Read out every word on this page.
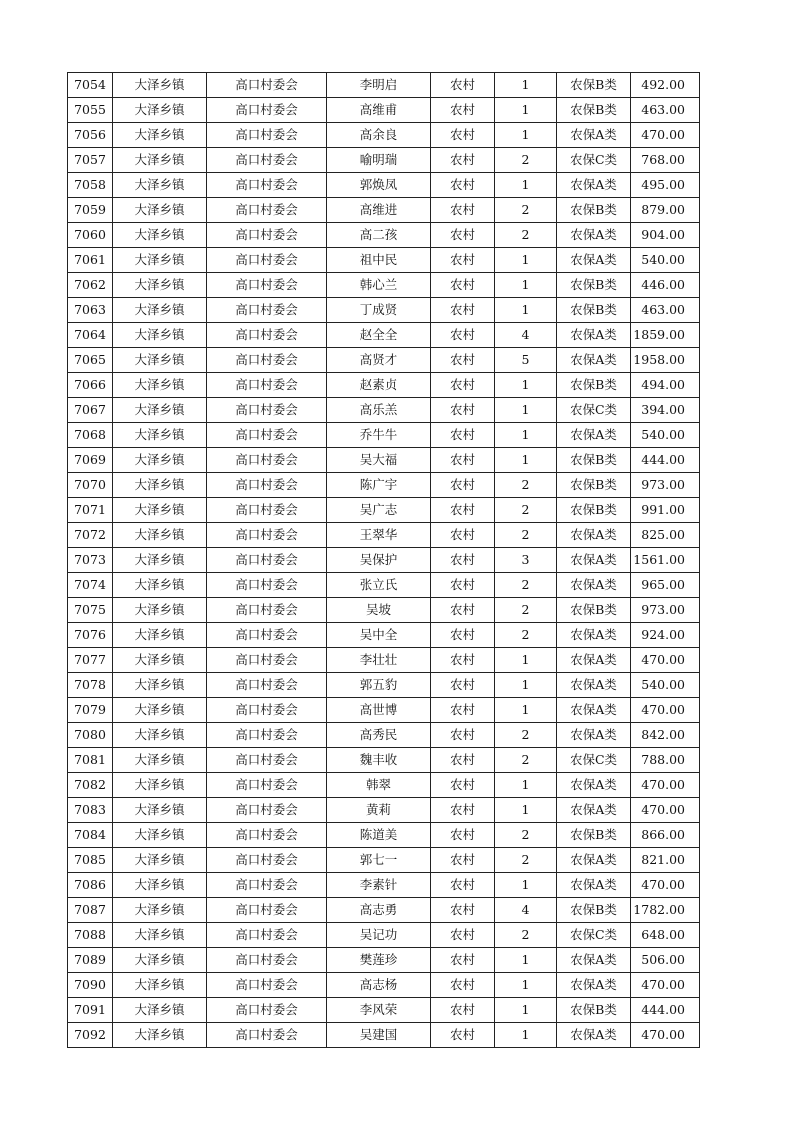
7054	大泽乡镇	高口村委会	李明启	农村	1	农保B类	492.00
7055	大泽乡镇	高口村委会	高维甫	农村	1	农保B类	463.00
7056	大泽乡镇	高口村委会	高余良	农村	1	农保A类	470.00
7057	大泽乡镇	高口村委会	喻明瑞	农村	2	农保C类	768.00
7058	大泽乡镇	高口村委会	郭焕凤	农村	1	农保A类	495.00
7059	大泽乡镇	高口村委会	高维进	农村	2	农保B类	879.00
7060	大泽乡镇	高口村委会	高二孩	农村	2	农保A类	904.00
7061	大泽乡镇	高口村委会	祖中民	农村	1	农保A类	540.00
7062	大泽乡镇	高口村委会	韩心兰	农村	1	农保B类	446.00
7063	大泽乡镇	高口村委会	丁成贤	农村	1	农保B类	463.00
7064	大泽乡镇	高口村委会	赵全全	农村	4	农保A类	1859.00
7065	大泽乡镇	高口村委会	高贤才	农村	5	农保A类	1958.00
7066	大泽乡镇	高口村委会	赵素贞	农村	1	农保B类	494.00
7067	大泽乡镇	高口村委会	高乐羔	农村	1	农保C类	394.00
7068	大泽乡镇	高口村委会	乔牛牛	农村	1	农保A类	540.00
7069	大泽乡镇	高口村委会	吴大福	农村	1	农保B类	444.00
7070	大泽乡镇	高口村委会	陈广宇	农村	2	农保B类	973.00
7071	大泽乡镇	高口村委会	吴广志	农村	2	农保B类	991.00
7072	大泽乡镇	高口村委会	王翠华	农村	2	农保A类	825.00
7073	大泽乡镇	高口村委会	吴保护	农村	3	农保A类	1561.00
7074	大泽乡镇	高口村委会	张立氏	农村	2	农保A类	965.00
7075	大泽乡镇	高口村委会	吴坡	农村	2	农保B类	973.00
7076	大泽乡镇	高口村委会	吴中全	农村	2	农保A类	924.00
7077	大泽乡镇	高口村委会	李壮壮	农村	1	农保A类	470.00
7078	大泽乡镇	高口村委会	郭五豹	农村	1	农保A类	540.00
7079	大泽乡镇	高口村委会	高世博	农村	1	农保A类	470.00
7080	大泽乡镇	高口村委会	高秀民	农村	2	农保A类	842.00
7081	大泽乡镇	高口村委会	魏丰收	农村	2	农保C类	788.00
7082	大泽乡镇	高口村委会	韩翠	农村	1	农保A类	470.00
7083	大泽乡镇	高口村委会	黄莉	农村	1	农保A类	470.00
7084	大泽乡镇	高口村委会	陈道美	农村	2	农保B类	866.00
7085	大泽乡镇	高口村委会	郭七一	农村	2	农保A类	821.00
7086	大泽乡镇	高口村委会	李素针	农村	1	农保A类	470.00
7087	大泽乡镇	高口村委会	高志勇	农村	4	农保B类	1782.00
7088	大泽乡镇	高口村委会	吴记功	农村	2	农保C类	648.00
7089	大泽乡镇	高口村委会	樊莲珍	农村	1	农保A类	506.00
7090	大泽乡镇	高口村委会	高志杨	农村	1	农保A类	470.00
7091	大泽乡镇	高口村委会	李风荣	农村	1	农保B类	444.00
7092	大泽乡镇	高口村委会	吴建国	农村	1	农保A类	470.00
